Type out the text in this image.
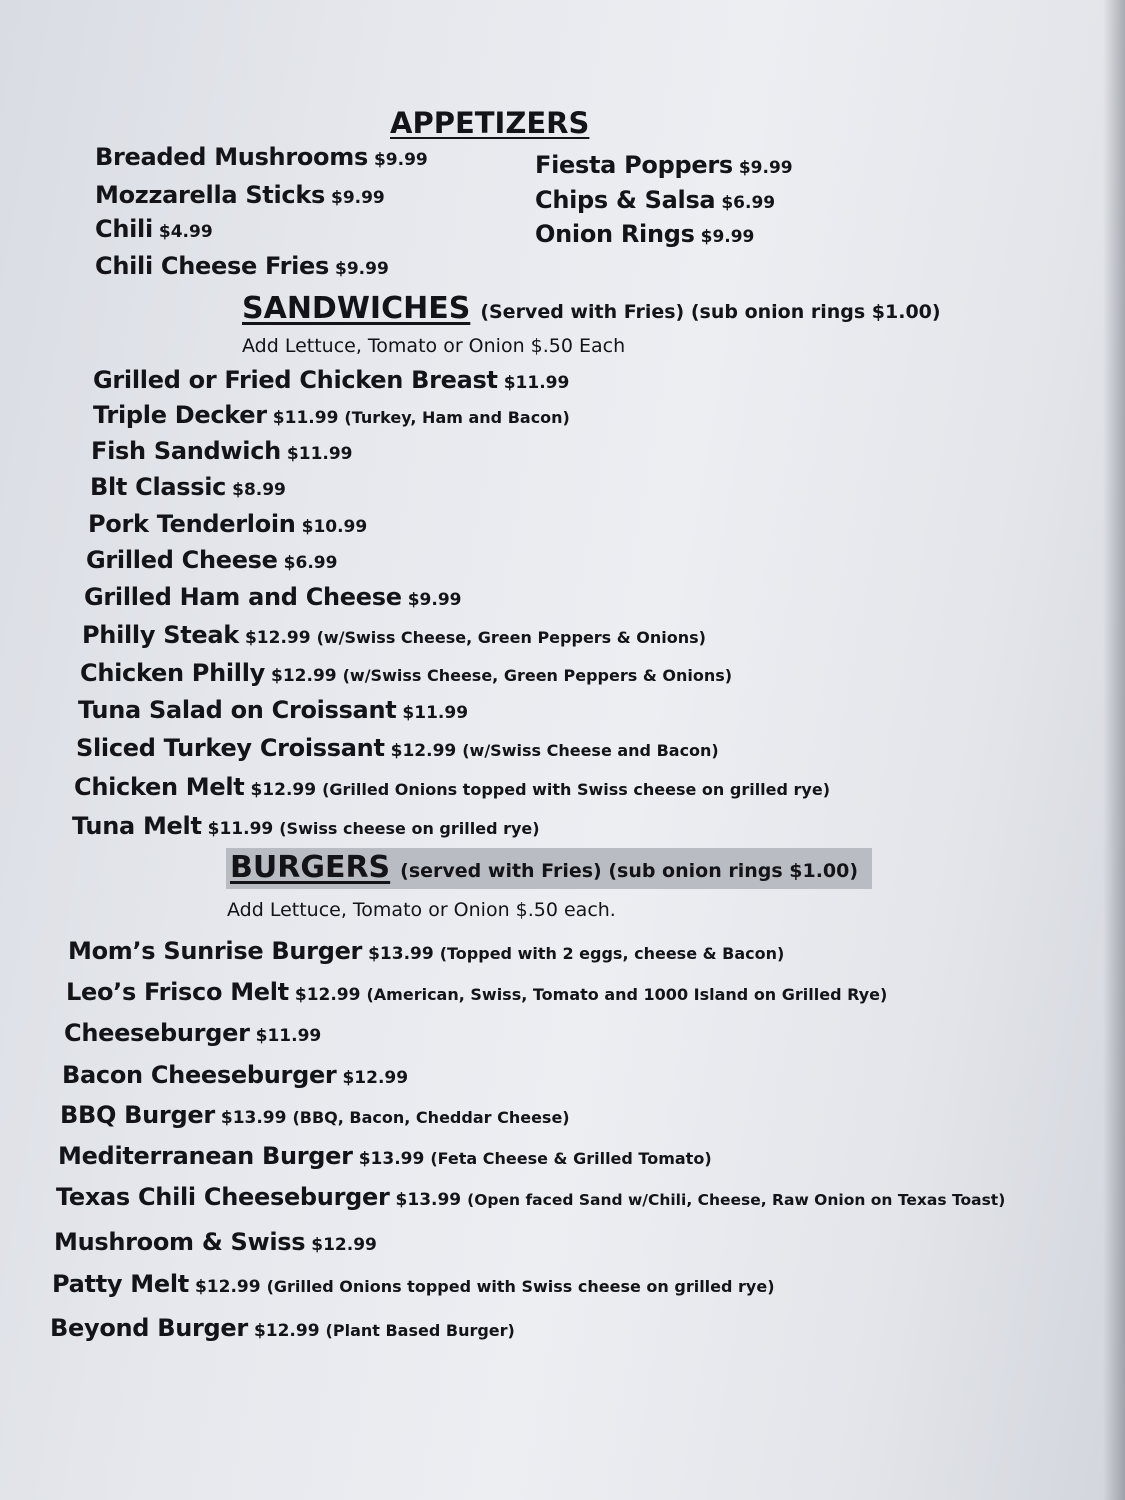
APPETIZERS
Breaded Mushrooms $9.99
Mozzarella Sticks $9.99
Chili $4.99
Chili Cheese Fries $9.99
Fiesta Poppers $9.99
Chips & Salsa $6.99
Onion Rings $9.99
SANDWICHES (Served with Fries) (sub onion rings $1.00)
Add Lettuce, Tomato or Onion $.50 Each
Grilled or Fried Chicken Breast $11.99
Triple Decker $11.99 (Turkey, Ham and Bacon)
Fish Sandwich $11.99
Blt Classic $8.99
Pork Tenderloin $10.99
Grilled Cheese $6.99
Grilled Ham and Cheese $9.99
Philly Steak $12.99 (w/Swiss Cheese, Green Peppers & Onions)
Chicken Philly $12.99 (w/Swiss Cheese, Green Peppers & Onions)
Tuna Salad on Croissant $11.99
Sliced Turkey Croissant $12.99 (w/Swiss Cheese and Bacon)
Chicken Melt $12.99 (Grilled Onions topped with Swiss cheese on grilled rye)
Tuna Melt $11.99 (Swiss cheese on grilled rye)
BURGERS (served with Fries) (sub onion rings $1.00)
Add Lettuce, Tomato or Onion $.50 each.
Mom’s Sunrise Burger $13.99 (Topped with 2 eggs, cheese & Bacon)
Leo’s Frisco Melt $12.99 (American, Swiss, Tomato and 1000 Island on Grilled Rye)
Cheeseburger $11.99
Bacon Cheeseburger $12.99
BBQ Burger $13.99 (BBQ, Bacon, Cheddar Cheese)
Mediterranean Burger $13.99 (Feta Cheese & Grilled Tomato)
Texas Chili Cheeseburger $13.99 (Open faced Sand w/Chili, Cheese, Raw Onion on Texas Toast)
Mushroom & Swiss $12.99
Patty Melt $12.99 (Grilled Onions topped with Swiss cheese on grilled rye)
Beyond Burger $12.99 (Plant Based Burger)
